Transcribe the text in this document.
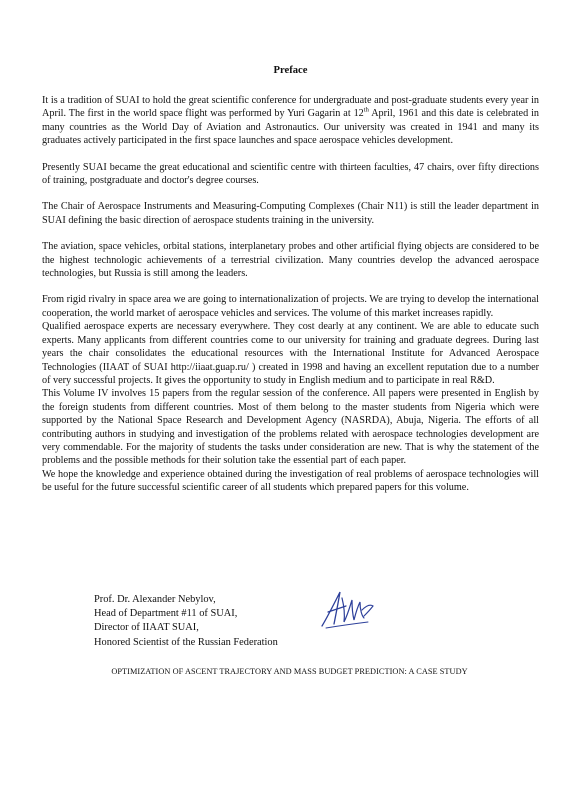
Preface

It is a tradition of SUAI to hold the great scientific conference for undergraduate and post-graduate students every year in April. The first in the world space flight was performed by Yuri Gagarin at 12th April, 1961 and this date is celebrated in many countries as the World Day of Aviation and Astronautics. Our university was created in 1941 and many its graduates actively participated in the first space launches and space aerospace vehicles development.

Presently SUAI became the great educational and scientific centre with thirteen faculties, 47 chairs, over fifty directions of training, postgraduate and doctor's degree courses.

The Chair of Aerospace Instruments and Measuring-Computing Complexes (Chair N11) is still the leader department in SUAI defining the basic direction of aerospace students training in the university.

The aviation, space vehicles, orbital stations, interplanetary probes and other artificial flying objects are considered to be the highest technologic achievements of a terrestrial civilization. Many countries develop the advanced aerospace technologies, but Russia is still among the leaders.

From rigid rivalry in space area we are going to internationalization of projects. We are trying to develop the international cooperation, the world market of aerospace vehicles and services. The volume of this market increases rapidly.

Qualified aerospace experts are necessary everywhere. They cost dearly at any continent. We are able to educate such experts. Many applicants from different countries come to our university for training and graduate degrees. During last years the chair consolidates the educational resources with the International Institute for Advanced Aerospace Technologies (IIAAT of SUAI http://iiaat.guap.ru/ ) created in 1998 and having an excellent reputation due to a number of very successful projects. It gives the opportunity to study in English medium and to participate in real R&D.

This Volume IV involves 15 papers from the regular session of the conference. All papers were presented in English by the foreign students from different countries. Most of them belong to the master students from Nigeria which were supported by the National Space Research and Development Agency (NASRDA), Abuja, Nigeria. The efforts of all contributing authors in studying and investigation of the problems related with aerospace technologies development are very commendable. For the majority of students the tasks under consideration are new. That is why the statement of the problems and the possible methods for their solution take the essential part of each paper.

We hope the knowledge and experience obtained during the investigation of real problems of aerospace technologies will be useful for the future successful scientific career of all students which prepared papers for this volume.

Prof. Dr. Alexander Nebylov,
Head of Department #11 of SUAI,
Director of IIAAT SUAI,
Honored Scientist of the Russian Federation
OPTIMIZATION OF ASCENT TRAJECTORY AND MASS BUDGET PREDICTION: A CASE STUDY
